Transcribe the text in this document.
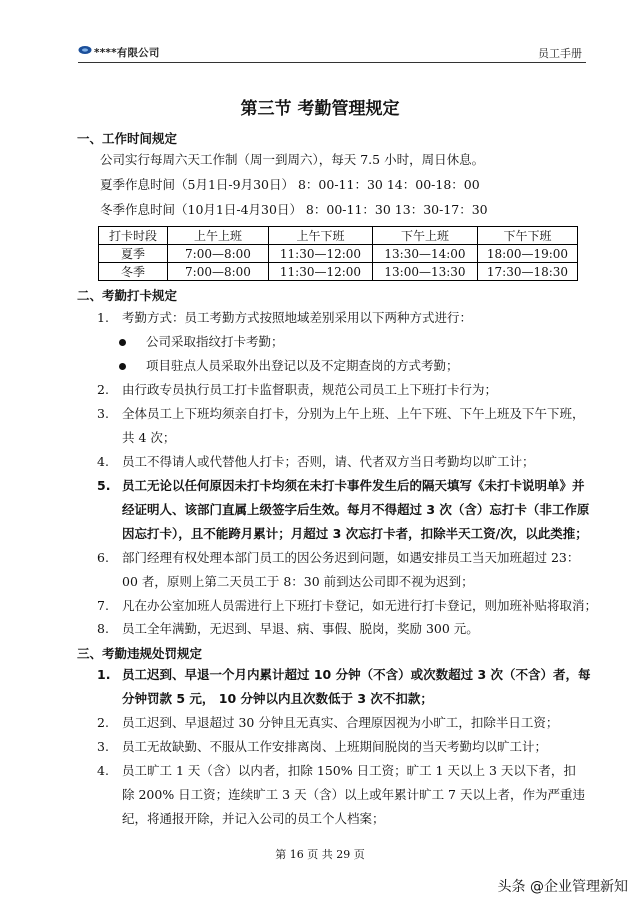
****有限公司	员工手册
第三节 考勤管理规定
一、工作时间规定
公司实行每周六天工作制（周一到周六），每天 7.5 小时，周日休息。
夏季作息时间（5月1日-9月30日） 8：00-11：30 14：00-18：00
冬季作息时间（10月1日-4月30日） 8：00-11：30 13：30-17：30
打卡时段	上午上班	上午下班	下午上班	下午下班
夏季	7:00—8:00	11:30—12:00	13:30—14:00	18:00—19:00
冬季	7:00—8:00	11:30—12:00	13:00—13:30	17:30—18:30
二、考勤打卡规定
1. 考勤方式：员工考勤方式按照地域差别采用以下两种方式进行：
公司采取指纹打卡考勤；
项目驻点人员采取外出登记以及不定期查岗的方式考勤；
2. 由行政专员执行员工打卡监督职责，规范公司员工上下班打卡行为；
3. 全体员工上下班均须亲自打卡，分别为上午上班、上午下班、下午上班及下午下班，
共 4 次；
4. 员工不得请人或代替他人打卡；否则，请、代者双方当日考勤均以旷工计；
5. 员工无论以任何原因未打卡均须在未打卡事件发生后的隔天填写《未打卡说明单》并
经证明人、该部门直属上级签字后生效。每月不得超过 3 次（含）忘打卡（非工作原
因忘打卡），且不能跨月累计；月超过 3 次忘打卡者，扣除半天工资/次，以此类推；
6. 部门经理有权处理本部门员工的因公务迟到问题，如遇安排员工当天加班超过 23：
00 者，原则上第二天员工于 8：30 前到达公司即不视为迟到；
7. 凡在办公室加班人员需进行上下班打卡登记，如无进行打卡登记，则加班补贴将取消；
8. 员工全年满勤，无迟到、早退、病、事假、脱岗，奖励 300 元。
三、考勤违规处罚规定
1. 员工迟到、早退一个月内累计超过 10 分钟（不含）或次数超过 3 次（不含）者，每
分钟罚款 5 元， 10 分钟以内且次数低于 3 次不扣款；
2. 员工迟到、早退超过 30 分钟且无真实、合理原因视为小旷工，扣除半日工资；
3. 员工无故缺勤、不服从工作安排离岗、上班期间脱岗的当天考勤均以旷工计；
4. 员工旷工 1 天（含）以内者，扣除 150% 日工资；旷工 1 天以上 3 天以下者，扣
除 200% 日工资；连续旷工 3 天（含）以上或年累计旷工 7 天以上者，作为严重违
纪，将通报开除，并记入公司的员工个人档案；
第 16 页 共 29 页
头条 @企业管理新知
